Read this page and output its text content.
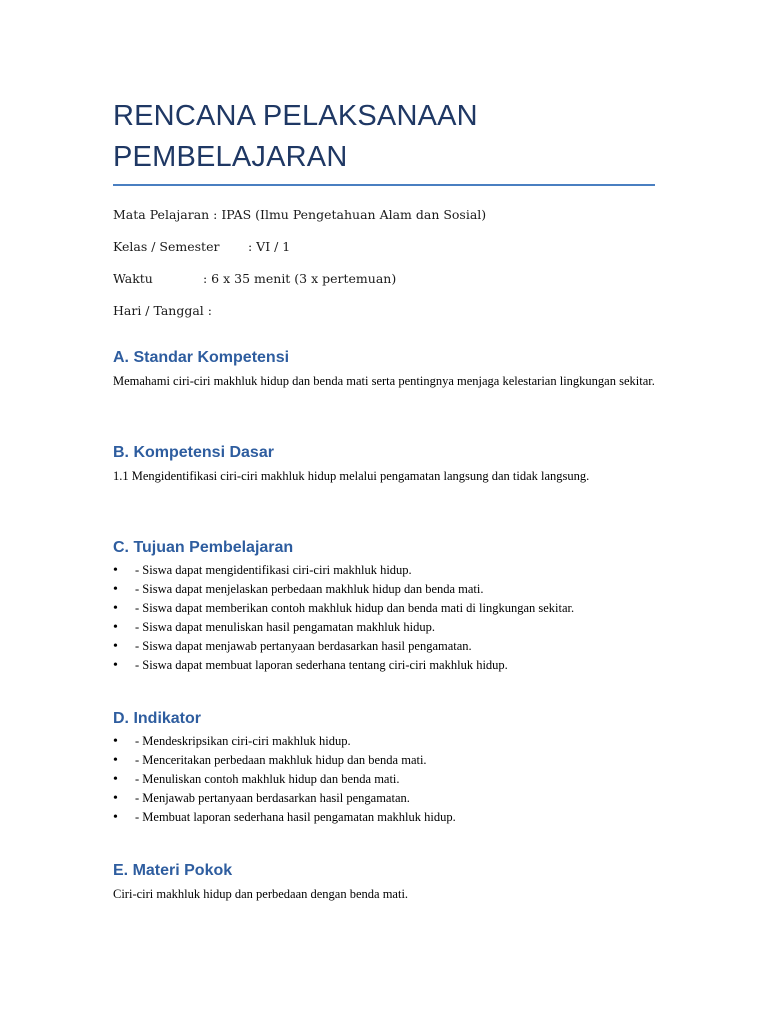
RENCANA PELAKSANAAN
PEMBELAJARAN
Mata Pelajaran : IPAS (Ilmu Pengetahuan Alam dan Sosial)
Kelas / Semester : VI / 1
Waktu	: 6 x 35 menit (3 x pertemuan)
Hari / Tanggal :
A. Standar Kompetensi

Memahami ciri-ciri makhluk hidup dan benda mati serta pentingnya menjaga kelestarian lingkungan sekitar.

B. Kompetensi Dasar

1.1 Mengidentifikasi ciri-ciri makhluk hidup melalui pengamatan langsung dan tidak langsung.

C. Tujuan Pembelajaran
• - Siswa dapat mengidentifikasi ciri-ciri makhluk hidup.
• - Siswa dapat menjelaskan perbedaan makhluk hidup dan benda mati.
• - Siswa dapat memberikan contoh makhluk hidup dan benda mati di lingkungan sekitar.
• - Siswa dapat menuliskan hasil pengamatan makhluk hidup.
• - Siswa dapat menjawab pertanyaan berdasarkan hasil pengamatan.
• - Siswa dapat membuat laporan sederhana tentang ciri-ciri makhluk hidup.
D. Indikator
• - Mendeskripsikan ciri-ciri makhluk hidup.
• - Menceritakan perbedaan makhluk hidup dan benda mati.
• - Menuliskan contoh makhluk hidup dan benda mati.
• - Menjawab pertanyaan berdasarkan hasil pengamatan.
• - Membuat laporan sederhana hasil pengamatan makhluk hidup.
E. Materi Pokok

Ciri-ciri makhluk hidup dan perbedaan dengan benda mati.
